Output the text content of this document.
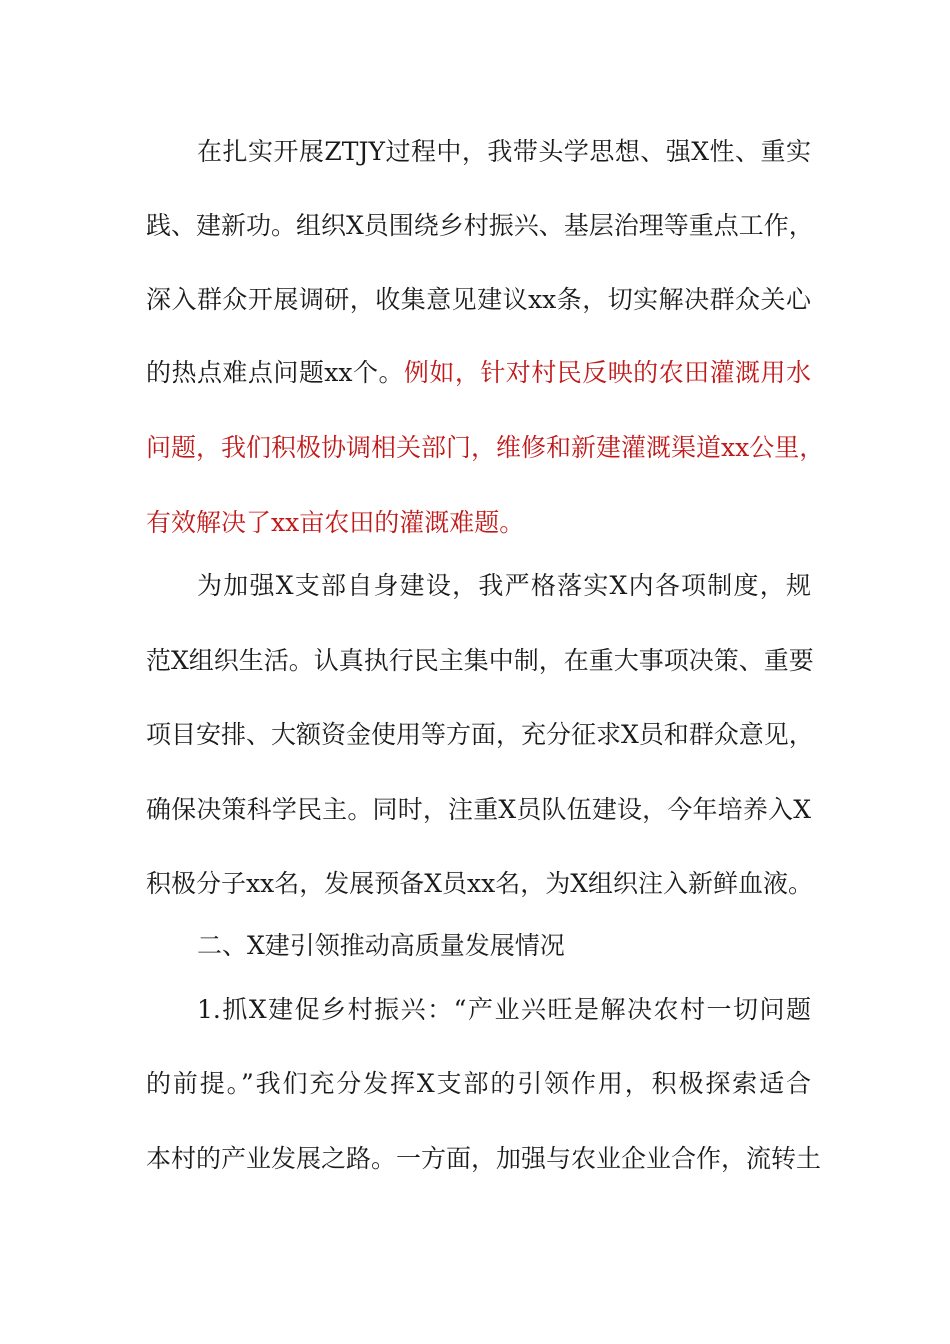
在扎实开展ZTJY过程中，我带头学思想、强X性、重实
践、建新功。组织X员围绕乡村振兴、基层治理等重点工作，
深入群众开展调研，收集意见建议xx条，切实解决群众关心
的热点难点问题xx个。例如，针对村民反映的农田灌溉用水
问题，我们积极协调相关部门，维修和新建灌溉渠道xx公里，
有效解决了xx亩农田的灌溉难题。
为加强X支部自身建设，我严格落实X内各项制度，规
范X组织生活。认真执行民主集中制，在重大事项决策、重要
项目安排、大额资金使用等方面，充分征求X员和群众意见，
确保决策科学民主。同时，注重X员队伍建设，今年培养入X
积极分子xx名，发展预备X员xx名，为X组织注入新鲜血液。
二、X建引领推动高质量发展情况
1.抓X建促乡村振兴：“产业兴旺是解决农村一切问题
的前提。”我们充分发挥X支部的引领作用，积极探索适合
本村的产业发展之路。一方面，加强与农业企业合作，流转土
